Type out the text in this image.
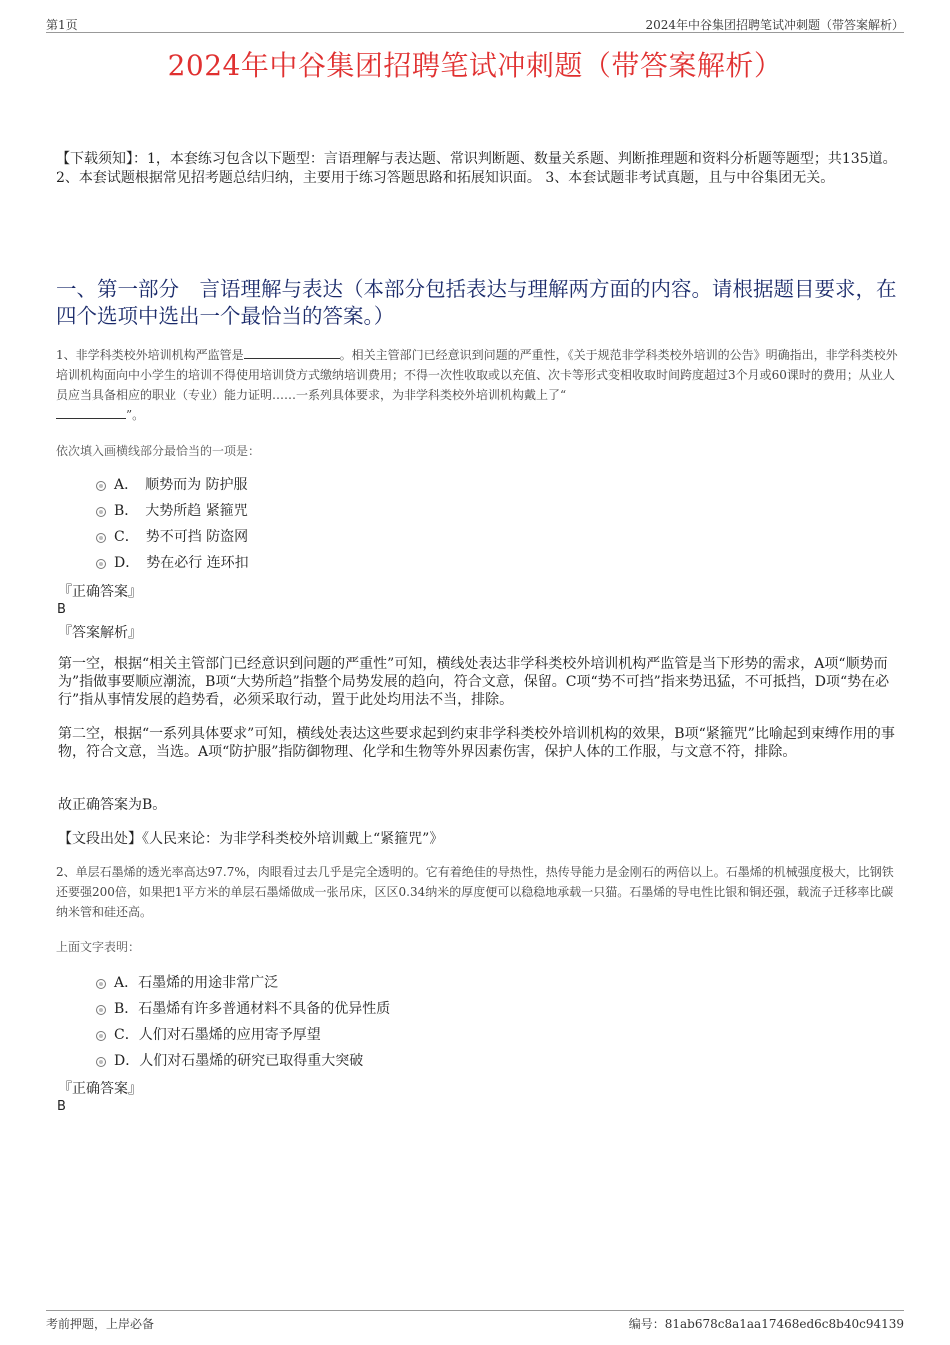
第1页	2024年中谷集团招聘笔试冲刺题（带答案解析）
2024年中谷集团招聘笔试冲刺题（带答案解析）
【下载须知】：1，本套练习包含以下题型：言语理解与表达题、常识判断题、数量关系题、判断推理题和资料分析题等题型；共135道。 2、本套试题根据常见招考题总结归纳，主要用于练习答题思路和拓展知识面。 3、本套试题非考试真题，且与中谷集团无关。
一、第一部分　言语理解与表达（本部分包括表达与理解两方面的内容。请根据题目要求，在四个选项中选出一个最恰当的答案。）
1、非学科类校外培训机构严监管是	。相关主管部门已经意识到问题的严重性，《关于规范非学科类校外培训的公告》明确指出，非学科类校外培训机构面向中小学生的培训不得使用培训贷方式缴纳培训费用；不得一次性收取或以充值、次卡等形式变相收取时间跨度超过3个月或60课时的费用；从业人员应当具备相应的职业（专业）能力证明……一系列具体要求，为非学科类校外培训机构戴上了“
”。
依次填入画横线部分最恰当的一项是：
A．　顺势而为 防护服
B．　大势所趋 紧箍咒
C．　势不可挡 防盗网
D．　势在必行 连环扣
『正确答案』
B
『答案解析』
第一空，根据“相关主管部门已经意识到问题的严重性”可知，横线处表达非学科类校外培训机构严监管是当下形势的需求，A项“顺势而为”指做事要顺应潮流，B项“大势所趋”指整个局势发展的趋向，符合文意，保留。C项“势不可挡”指来势迅猛，不可抵挡，D项“势在必行”指从事情发展的趋势看，必须采取行动，置于此处均用法不当，排除。
第二空，根据“一系列具体要求”可知，横线处表达这些要求起到约束非学科类校外培训机构的效果，B项“紧箍咒”比喻起到束缚作用的事物，符合文意，当选。A项“防护服”指防御物理、化学和生物等外界因素伤害，保护人体的工作服，与文意不符，排除。
故正确答案为B。
【文段出处】《人民来论：为非学科类校外培训戴上“紧箍咒”》
2、单层石墨烯的透光率高达97.7%，肉眼看过去几乎是完全透明的。它有着绝佳的导热性，热传导能力是金刚石的两倍以上。石墨烯的机械强度极大，比钢铁还要强200倍，如果把1平方米的单层石墨烯做成一张吊床，区区0.34纳米的厚度便可以稳稳地承载一只猫。石墨烯的导电性比银和铜还强，载流子迁移率比碳纳米管和硅还高。
上面文字表明：
A．石墨烯的用途非常广泛
B．石墨烯有许多普通材料不具备的优异性质
C．人们对石墨烯的应用寄予厚望
D．人们对石墨烯的研究已取得重大突破
『正确答案』
B
考前押题，上岸必备	编号：81ab678c8a1aa17468ed6c8b40c94139
